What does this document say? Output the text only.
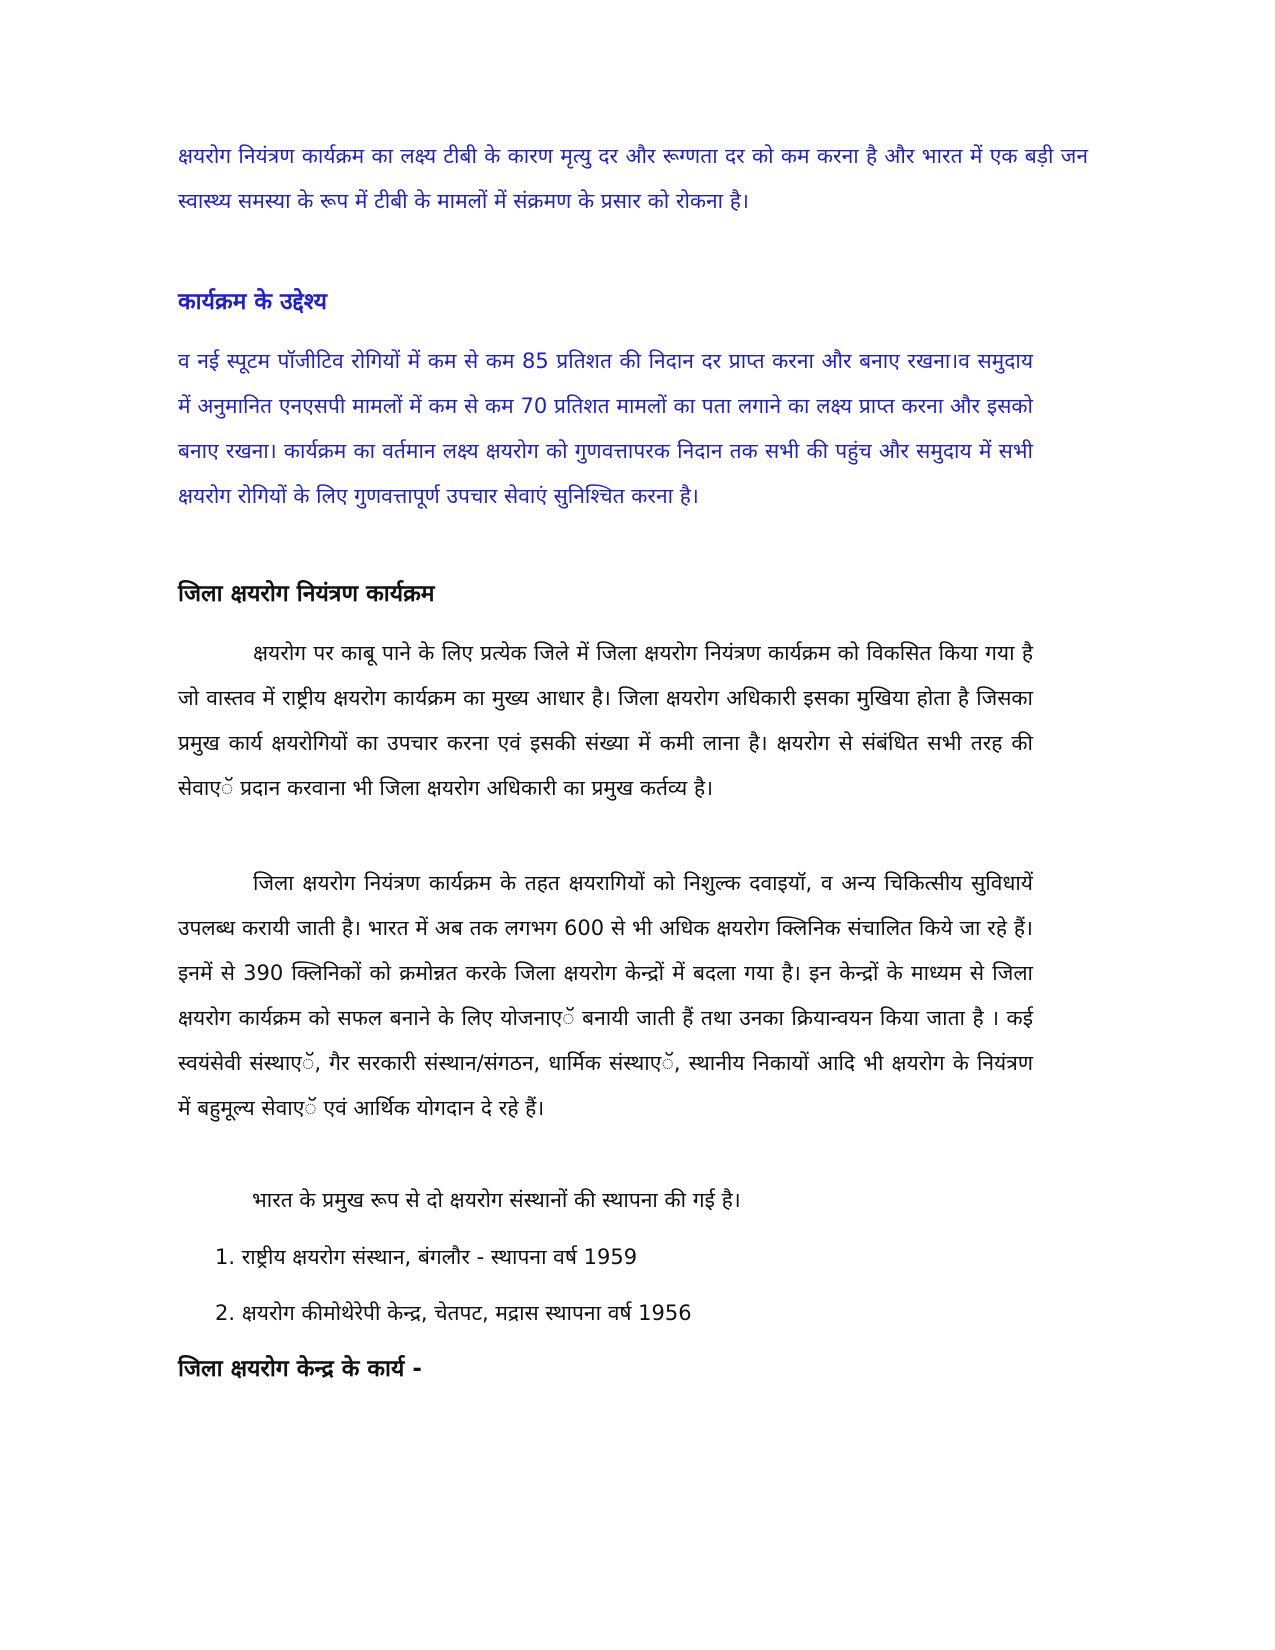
क्षयरोग नियंत्रण कार्यक्रम का लक्ष्य टीबी के कारण मृत्यु दर और रूग्णता दर को कम करना है और भारत में एक बड़ी जन स्वास्थ्य समस्या के रूप में टीबी के मामलों में संक्रमण के प्रसार को रोकना है।

कार्यक्रम के उद्देश्य

व नई स्पूटम पॉजीटिव रोगियों में कम से कम 85 प्रतिशत की निदान दर प्राप्त करना और बनाए रखना।व समुदाय में अनुमानित एनएसपी मामलों में कम से कम 70 प्रतिशत मामलों का पता लगाने का लक्ष्य प्राप्त करना और इसको बनाए रखना। कार्यक्रम का वर्तमान लक्ष्य क्षयरोग को गुणवत्तापरक निदान तक सभी की पहुंच और समुदाय में सभी क्षयरोग रोगियों के लिए गुणवत्तापूर्ण उपचार सेवाएं सुनिश्चित करना है।

जिला क्षयरोग नियंत्रण कार्यक्रम

क्षयरोग पर काबू पाने के लिए प्रत्येक जिले में जिला क्षयरोग नियंत्रण कार्यक्रम को विकसित किया गया है जो वास्तव में राष्ट्रीय क्षयरोग कार्यक्रम का मुख्य आधार है। जिला क्षयरोग अधिकारी इसका मुखिया होता है जिसका प्रमुख कार्य क्षयरोगियों का उपचार करना एवं इसकी संख्या में कमी लाना है। क्षयरोग से संबंधित सभी तरह की सेवाएॅ प्रदान करवाना भी जिला क्षयरोग अधिकारी का प्रमुख कर्तव्य है।

जिला क्षयरोग नियंत्रण कार्यक्रम के तहत क्षयरागियों को निशुल्क दवाइयॉ, व अन्य चिकित्सीय सुविधायें उपलब्ध करायी जाती है। भारत में अब तक लगभग 600 से भी अधिक क्षयरोग क्लिनिक संचालित किये जा रहे हैं। इनमें से 390 क्लिनिकों को क्रमोन्नत करके जिला क्षयरोग केन्द्रों में बदला गया है। इन केन्द्रों के माध्यम से जिला क्षयरोग कार्यक्रम को सफल बनाने के लिए योजनाएॅ बनायी जाती हैं तथा उनका क्रियान्वयन किया जाता है । कई स्वयंसेवी संस्थाएॅ, गैर सरकारी संस्थान/संगठन, धार्मिक संस्थाएॅ, स्थानीय निकायों आदि भी क्षयरोग के नियंत्रण में बहुमूल्य सेवाएॅ एवं आर्थिक योगदान दे रहे हैं।

भारत के प्रमुख रूप से दो क्षयरोग संस्थानों की स्थापना की गई है।

1. राष्ट्रीय क्षयरोग संस्थान, बंगलौर - स्थापना वर्ष 1959

2. क्षयरोग कीमोथेरेपी केन्द्र, चेतपट, मद्रास स्थापना वर्ष 1956

जिला क्षयरोग केन्द्र के कार्य -
